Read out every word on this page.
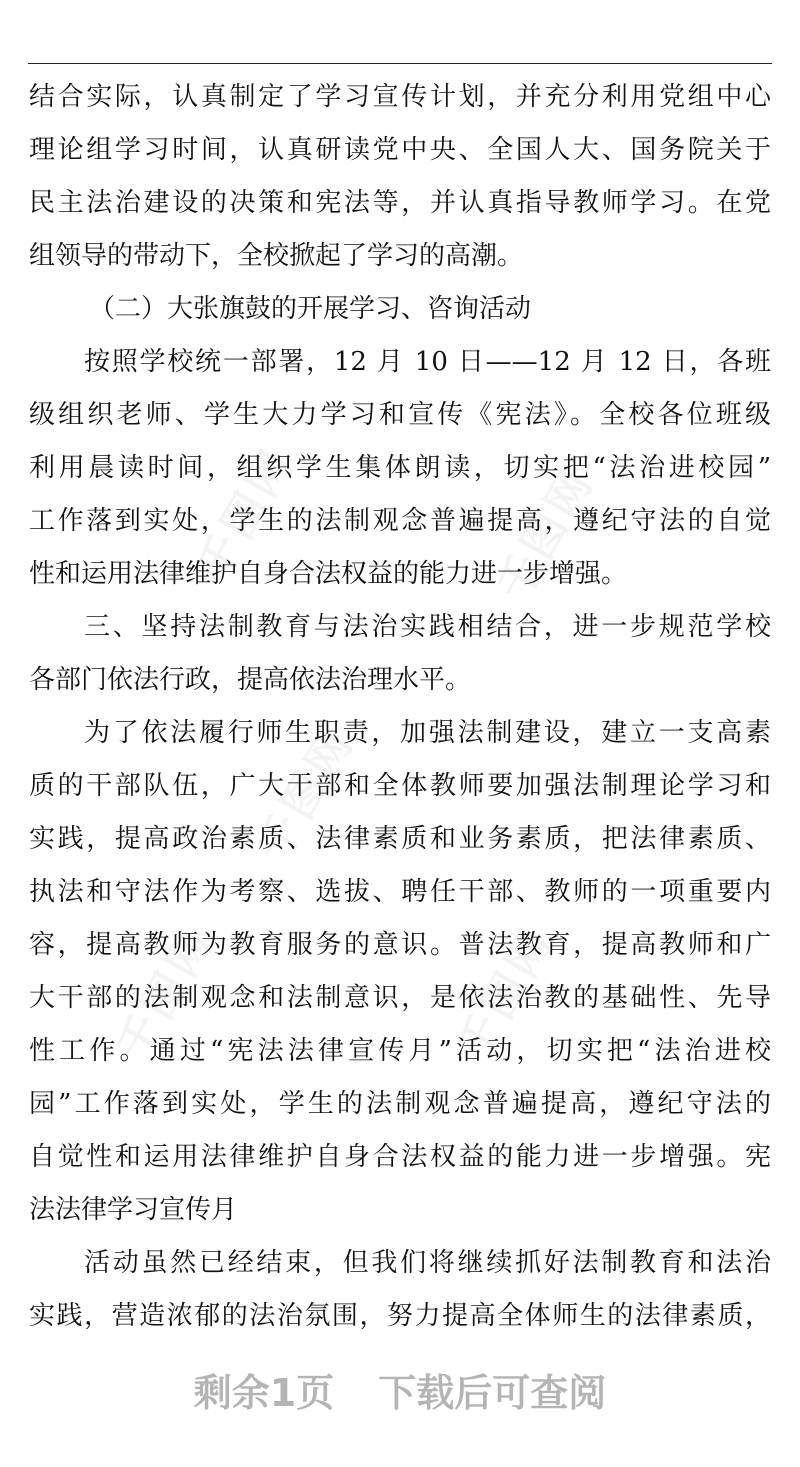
千图网	千图网
千图网
千图网	千图网
结合实际，认真制定了学习宣传计划，并充分利用党组中心
理论组学习时间，认真研读党中央、全国人大、国务院关于
民主法治建设的决策和宪法等，并认真指导教师学习。在党
组领导的带动下，全校掀起了学习的高潮。
（二）大张旗鼓的开展学习、咨询活动
按照学校统一部署，12 月 10 日——12 月 12 日，各班
级组织老师、学生大力学习和宣传《宪法》。全校各位班级
利用晨读时间，组织学生集体朗读，切实把“法治进校园”
工作落到实处，学生的法制观念普遍提高，遵纪守法的自觉
性和运用法律维护自身合法权益的能力进一步增强。
三、坚持法制教育与法治实践相结合，进一步规范学校
各部门依法行政，提高依法治理水平。
为了依法履行师生职责，加强法制建设，建立一支高素
质的干部队伍，广大干部和全体教师要加强法制理论学习和
实践，提高政治素质、法律素质和业务素质，把法律素质、
执法和守法作为考察、选拔、聘任干部、教师的一项重要内
容，提高教师为教育服务的意识。普法教育，提高教师和广
大干部的法制观念和法制意识，是依法治教的基础性、先导
性工作。通过“宪法法律宣传月”活动，切实把“法治进校
园”工作落到实处，学生的法制观念普遍提高，遵纪守法的
自觉性和运用法律维护自身合法权益的能力进一步增强。宪
法法律学习宣传月
活动虽然已经结束，但我们将继续抓好法制教育和法治
实践，营造浓郁的法治氛围，努力提高全体师生的法律素质，
剩余1页 下载后可查阅
